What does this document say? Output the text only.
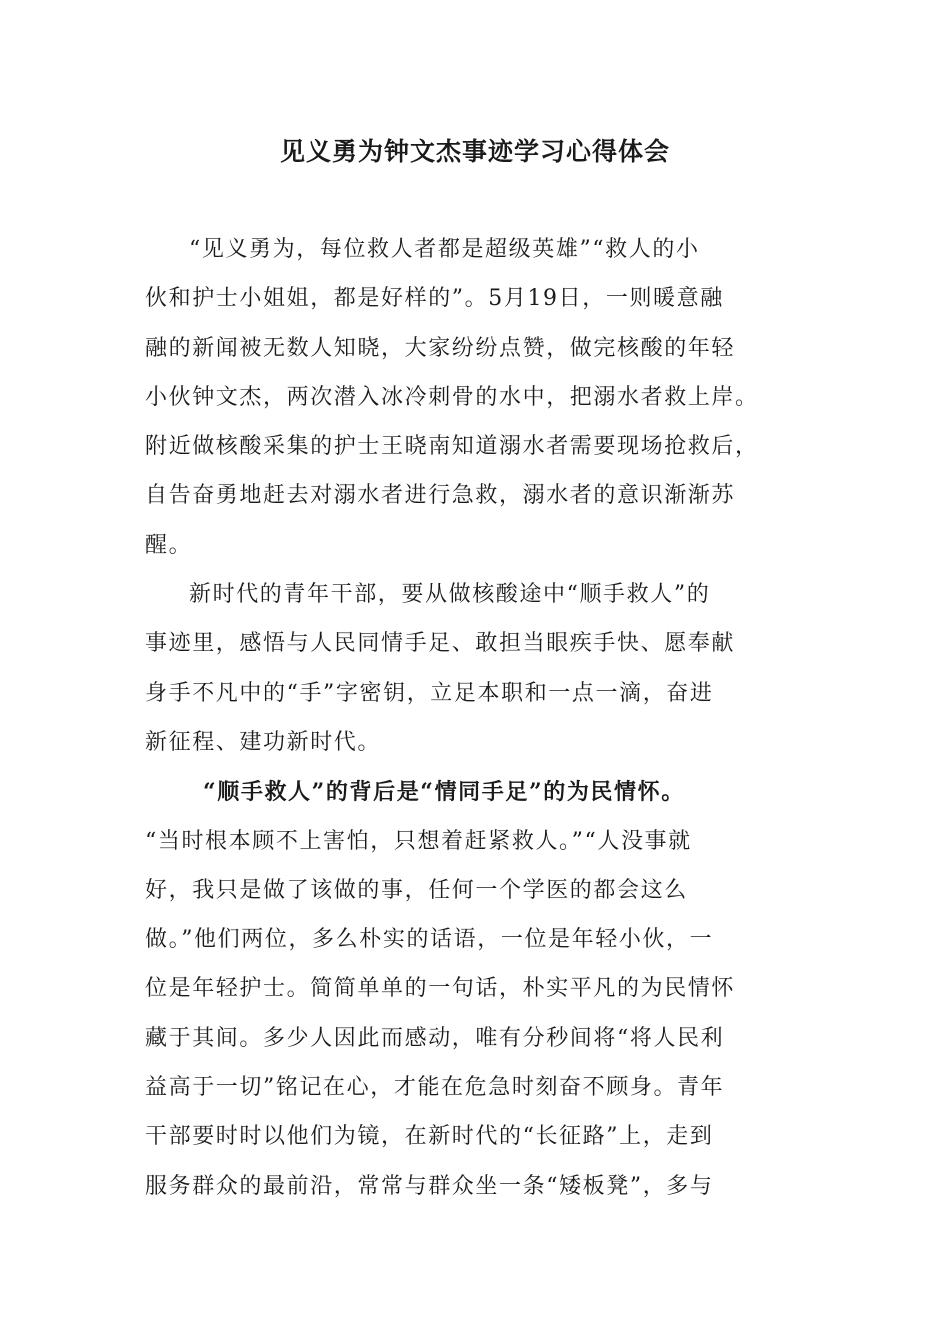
见义勇为钟文杰事迹学习心得体会
“见义勇为，每位救人者都是超级英雄”“救人的小
伙和护士小姐姐，都是好样的”。5月19日，一则暖意融
融的新闻被无数人知晓，大家纷纷点赞，做完核酸的年轻
小伙钟文杰，两次潜入冰冷刺骨的水中，把溺水者救上岸。
附近做核酸采集的护士王晓南知道溺水者需要现场抢救后，
自告奋勇地赶去对溺水者进行急救，溺水者的意识渐渐苏
醒。
新时代的青年干部，要从做核酸途中“顺手救人”的
事迹里，感悟与人民同情手足、敢担当眼疾手快、愿奉献
身手不凡中的“手”字密钥，立足本职和一点一滴，奋进
新征程、建功新时代。
“顺手救人”的背后是“情同手足”的为民情怀。
“当时根本顾不上害怕，只想着赶紧救人。”“人没事就
好，我只是做了该做的事，任何一个学医的都会这么
做。”他们两位，多么朴实的话语，一位是年轻小伙，一
位是年轻护士。简简单单的一句话，朴实平凡的为民情怀
藏于其间。多少人因此而感动，唯有分秒间将“将人民利
益高于一切”铭记在心，才能在危急时刻奋不顾身。青年
干部要时时以他们为镜，在新时代的“长征路”上，走到
服务群众的最前沿，常常与群众坐一条“矮板凳”，多与
